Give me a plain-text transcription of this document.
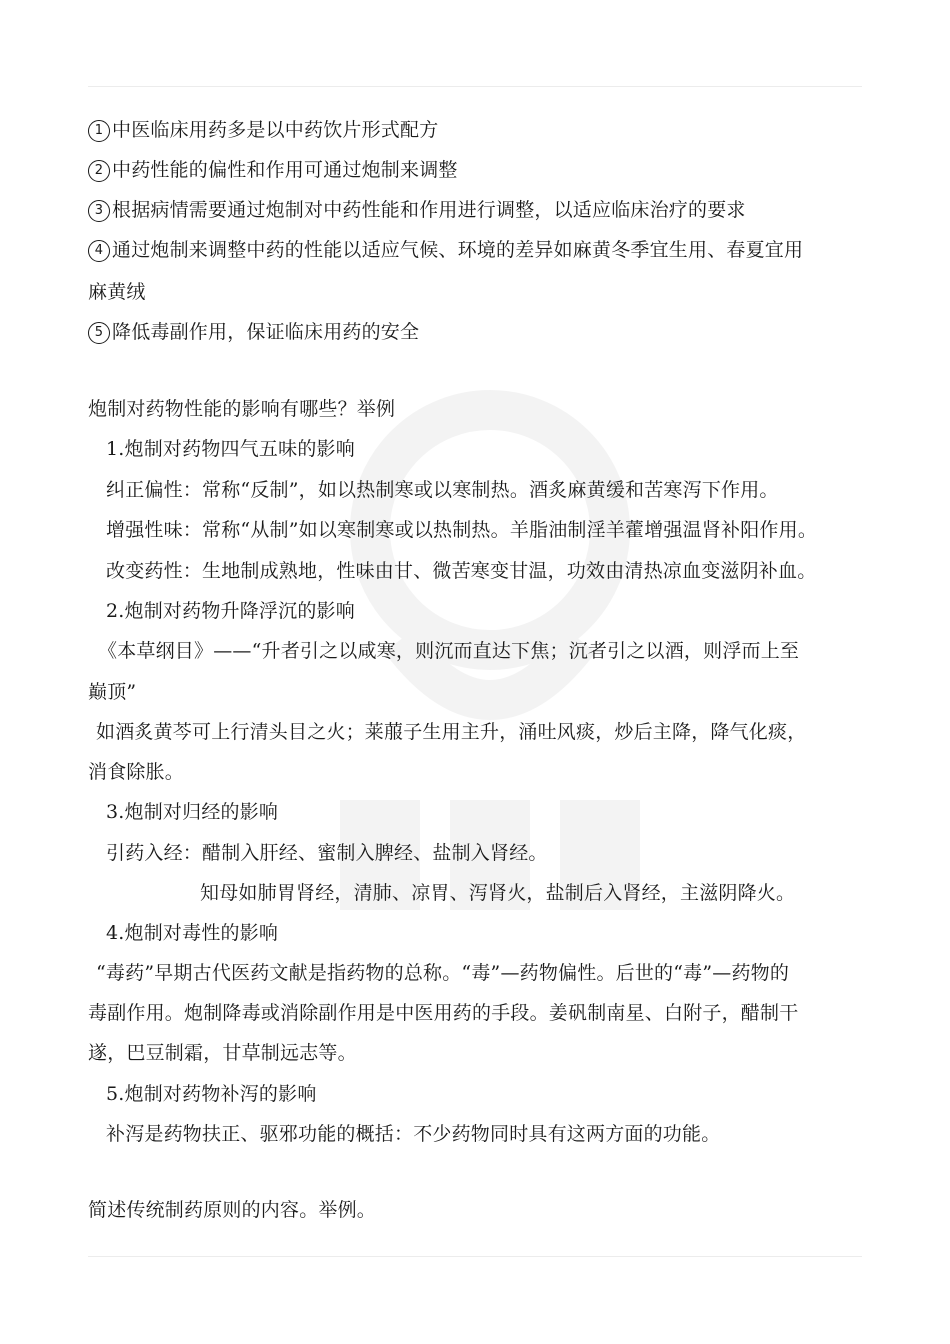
1 中医临床用药多是以中药饮片形式配方
2 中药性能的偏性和作用可通过炮制来调整
3 根据病情需要通过炮制对中药性能和作用进行调整，以适应临床治疗的要求
4 通过炮制来调整中药的性能以适应气候、环境的差异如麻黄冬季宜生用、春夏宜用
麻黄绒
5 降低毒副作用，保证临床用药的安全
炮制对药物性能的影响有哪些？举例
1.炮制对药物四气五味的影响
纠正偏性：常称“反制”，如以热制寒或以寒制热。酒炙麻黄缓和苦寒泻下作用。
增强性味：常称“从制”如以寒制寒或以热制热。羊脂油制淫羊藿增强温肾补阳作用。
改变药性：生地制成熟地，性味由甘、微苦寒变甘温，功效由清热凉血变滋阴补血。
2.炮制对药物升降浮沉的影响
《本草纲目》——“升者引之以咸寒，则沉而直达下焦；沉者引之以酒，则浮而上至
巅顶”
如酒炙黄芩可上行清头目之火；莱菔子生用主升，涌吐风痰，炒后主降，降气化痰，
消食除胀。
3.炮制对归经的影响
引药入经：醋制入肝经、蜜制入脾经、盐制入肾经。
知母如肺胃肾经，清肺、凉胃、泻肾火，盐制后入肾经，主滋阴降火。
4.炮制对毒性的影响
“毒药”早期古代医药文献是指药物的总称。“毒”—药物偏性。后世的“毒”—药物的
毒副作用。炮制降毒或消除副作用是中医用药的手段。姜矾制南星、白附子，醋制干
遂，巴豆制霜，甘草制远志等。
5.炮制对药物补泻的影响
补泻是药物扶正、驱邪功能的概括：不少药物同时具有这两方面的功能。
简述传统制药原则的内容。举例。
